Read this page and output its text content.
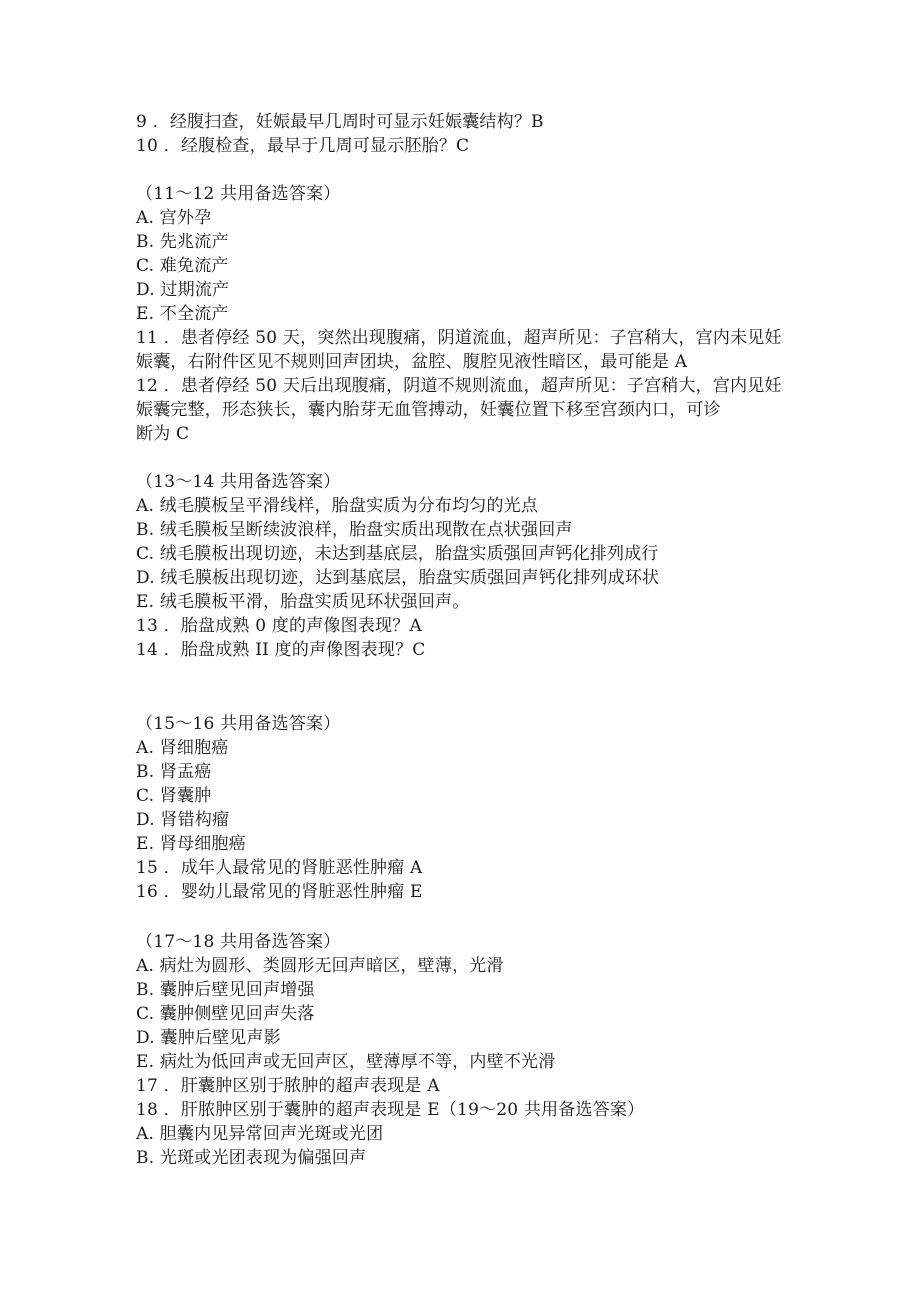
9 ．经腹扫查，妊娠最早几周时可显示妊娠囊结构？B
10 ．经腹检查，最早于几周可显示胚胎？C
（11～12 共用备选答案）
A. 宫外孕
B. 先兆流产
C. 难免流产
D. 过期流产
E. 不全流产
11 ．患者停经 50 天，突然出现腹痛，阴道流血，超声所见：子宫稍大，宫内未见妊
娠囊，右附件区见不规则回声团块，盆腔、腹腔见液性暗区，最可能是 A
12 ．患者停经 50 天后出现腹痛，阴道不规则流血，超声所见：子宫稍大，宫内见妊
娠囊完整，形态狭长，囊内胎芽无血管搏动，妊囊位置下移至宫颈内口，可诊
断为 C
（13～14 共用备选答案）
A. 绒毛膜板呈平滑线样，胎盘实质为分布均匀的光点
B. 绒毛膜板呈断续波浪样，胎盘实质出现散在点状强回声
C. 绒毛膜板出现切迹，未达到基底层，胎盘实质强回声钙化排列成行
D. 绒毛膜板出现切迹，达到基底层，胎盘实质强回声钙化排列成环状
E. 绒毛膜板平滑，胎盘实质见环状强回声。
13 ．胎盘成熟 0 度的声像图表现？A
14 ．胎盘成熟 II 度的声像图表现？C
（15～16 共用备选答案）
A. 肾细胞癌
B. 肾盂癌
C. 肾囊肿
D. 肾错构瘤
E. 肾母细胞癌
15 ．成年人最常见的肾脏恶性肿瘤 A
16 ．婴幼儿最常见的肾脏恶性肿瘤 E
（17～18 共用备选答案）
A. 病灶为圆形、类圆形无回声暗区，壁薄，光滑
B. 囊肿后壁见回声增强
C. 囊肿侧壁见回声失落
D. 囊肿后壁见声影
E. 病灶为低回声或无回声区，壁薄厚不等，内壁不光滑
17 ．肝囊肿区别于脓肿的超声表现是 A
18 ．肝脓肿区别于囊肿的超声表现是 E（19～20 共用备选答案）
A. 胆囊内见异常回声光斑或光团
B. 光斑或光团表现为偏强回声
